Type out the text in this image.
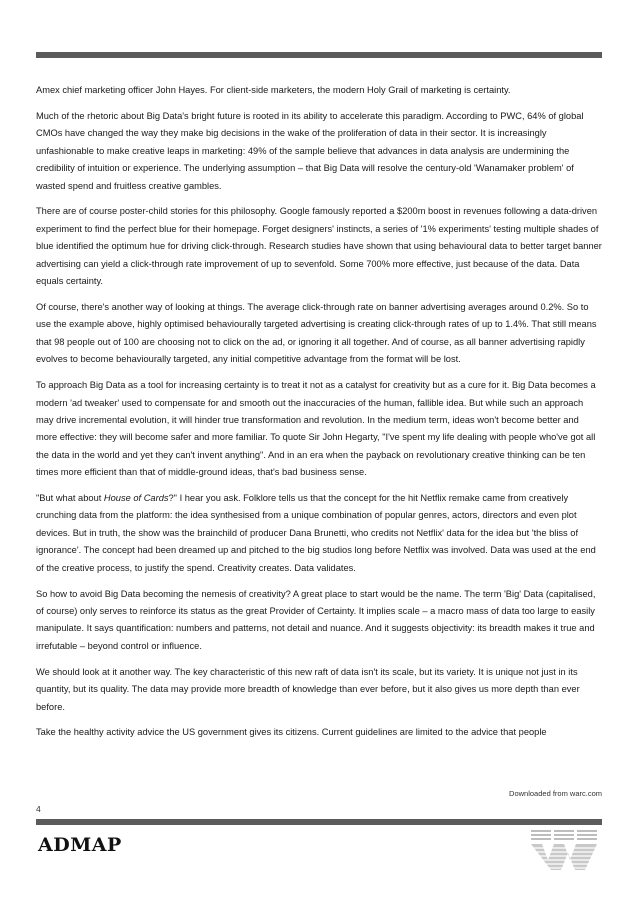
Amex chief marketing officer John Hayes. For client-side marketers, the modern Holy Grail of marketing is certainty.

Much of the rhetoric about Big Data's bright future is rooted in its ability to accelerate this paradigm. According to PWC, 64% of global CMOs have changed the way they make big decisions in the wake of the proliferation of data in their sector. It is increasingly unfashionable to make creative leaps in marketing: 49% of the sample believe that advances in data analysis are undermining the credibility of intuition or experience. The underlying assumption – that Big Data will resolve the century-old 'Wanamaker problem' of wasted spend and fruitless creative gambles.

There are of course poster-child stories for this philosophy. Google famously reported a $200m boost in revenues following a data-driven experiment to find the perfect blue for their homepage. Forget designers' instincts, a series of '1% experiments' testing multiple shades of blue identified the optimum hue for driving click-through. Research studies have shown that using behavioural data to better target banner advertising can yield a click-through rate improvement of up to sevenfold. Some 700% more effective, just because of the data. Data equals certainty.

Of course, there's another way of looking at things. The average click-through rate on banner advertising averages around 0.2%. So to use the example above, highly optimised behaviourally targeted advertising is creating click-through rates of up to 1.4%. That still means that 98 people out of 100 are choosing not to click on the ad, or ignoring it all together. And of course, as all banner advertising rapidly evolves to become behaviourally targeted, any initial competitive advantage from the format will be lost.

To approach Big Data as a tool for increasing certainty is to treat it not as a catalyst for creativity but as a cure for it. Big Data becomes a modern 'ad tweaker' used to compensate for and smooth out the inaccuracies of the human, fallible idea. But while such an approach may drive incremental evolution, it will hinder true transformation and revolution. In the medium term, ideas won't become better and more effective: they will become safer and more familiar. To quote Sir John Hegarty, "I've spent my life dealing with people who've got all the data in the world and yet they can't invent anything". And in an era when the payback on revolutionary creative thinking can be ten times more efficient than that of middle-ground ideas, that's bad business sense.

"But what about House of Cards?" I hear you ask. Folklore tells us that the concept for the hit Netflix remake came from creatively crunching data from the platform: the idea synthesised from a unique combination of popular genres, actors, directors and even plot devices. But in truth, the show was the brainchild of producer Dana Brunetti, who credits not Netflix' data for the idea but 'the bliss of ignorance'. The concept had been dreamed up and pitched to the big studios long before Netflix was involved. Data was used at the end of the creative process, to justify the spend. Creativity creates. Data validates.

So how to avoid Big Data becoming the nemesis of creativity? A great place to start would be the name. The term 'Big' Data (capitalised, of course) only serves to reinforce its status as the great Provider of Certainty. It implies scale – a macro mass of data too large to easily manipulate. It says quantification: numbers and patterns, not detail and nuance. And it suggests objectivity: its breadth makes it true and irrefutable – beyond control or influence.

We should look at it another way. The key characteristic of this new raft of data isn't its scale, but its variety. It is unique not just in its quantity, but its quality. The data may provide more breadth of knowledge than ever before, but it also gives us more depth than ever before.

Take the healthy activity advice the US government gives its citizens. Current guidelines are limited to the advice that people

Downloaded from warc.com
4
ADMAP
